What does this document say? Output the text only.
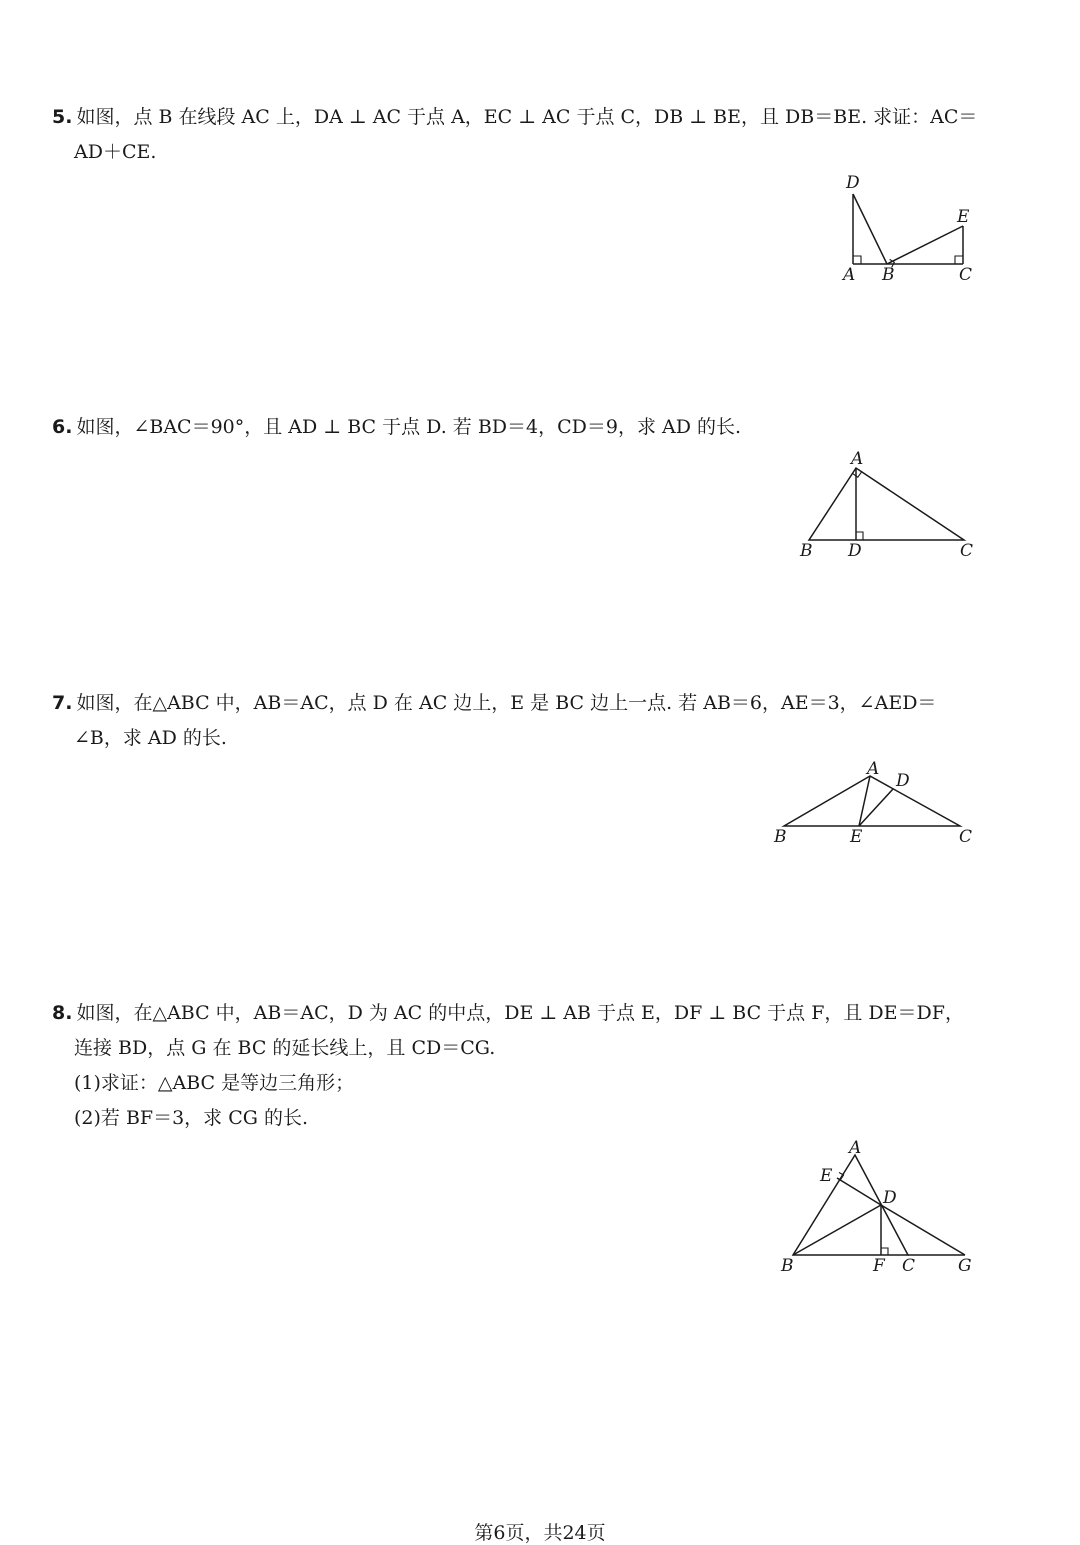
5. 如图，点 B 在线段 AC 上，DA ⊥ AC 于点 A，EC ⊥ AC 于点 C，DB ⊥ BE，且 DB＝BE. 求证：AC＝
AD＋CE.
D
E
A B	C
6. 如图，∠BAC＝90°，且 AD ⊥ BC 于点 D. 若 BD＝4，CD＝9，求 AD 的长.
A
B D	C
7. 如图，在△ABC 中，AB＝AC，点 D 在 AC 边上，E 是 BC 边上一点. 若 AB＝6，AE＝3，∠AED＝
∠B，求 AD 的长.
A
D
B	E	C
8. 如图，在△ABC 中，AB＝AC，D 为 AC 的中点，DE ⊥ AB 于点 E，DF ⊥ BC 于点 F，且 DE＝DF，
连接 BD，点 G 在 BC 的延长线上，且 CD＝CG.
(1)求证：△ABC 是等边三角形；
(2)若 BF＝3，求 CG 的长.
A
E
D
B	F C	G
第6页，共24页
